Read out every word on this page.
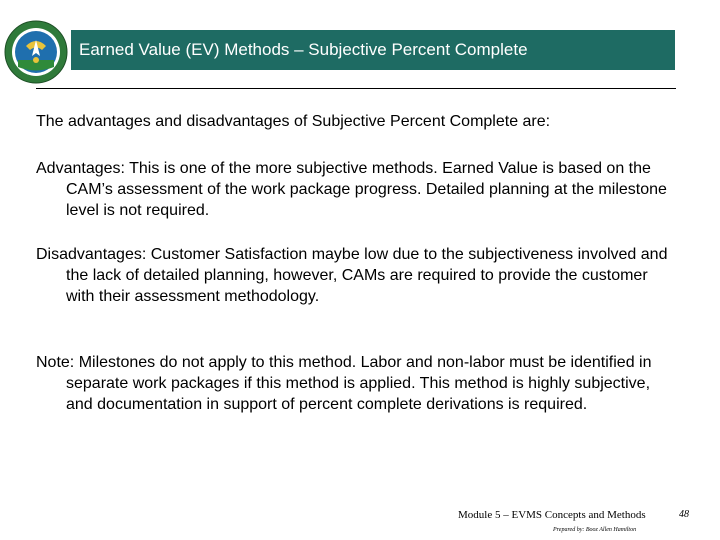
Earned Value (EV) Methods – Subjective Percent Complete
The advantages and disadvantages of Subjective Percent Complete are:
Advantages: This is one of the more subjective methods. Earned Value is based on the CAM’s assessment of the work package progress. Detailed planning at the milestone level is not required.
Disadvantages: Customer Satisfaction maybe low due to the subjectiveness involved and the lack of detailed planning, however, CAMs are required to provide the customer with their assessment methodology.
Note: Milestones do not apply to this method. Labor and non-labor must be identified in separate work packages if this method is applied. This method is highly subjective, and documentation in support of percent complete derivations is required.
Module 5 – EVMS Concepts and Methods
Prepared by: Booz Allen Hamilton
48
